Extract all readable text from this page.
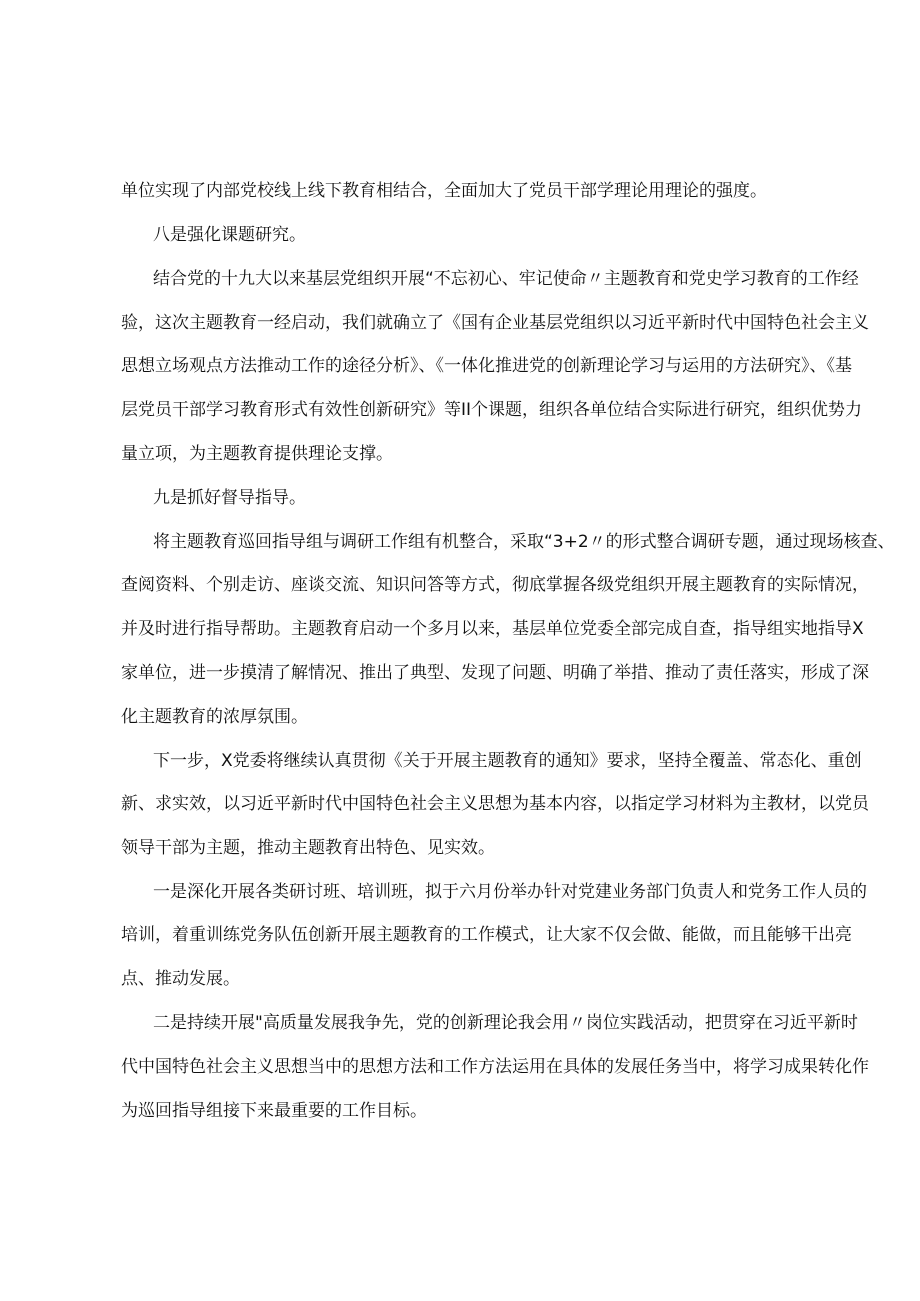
单位实现了内部党校线上线下教育相结合，全面加大了党员干部学理论用理论的强度。
八是强化课题研究。
结合党的十九大以来基层党组织开展“不忘初心、牢记使命〃主题教育和党史学习教育的工作经
验，这次主题教育一经启动，我们就确立了《国有企业基层党组织以习近平新时代中国特色社会主义
思想立场观点方法推动工作的途径分析》、《一体化推进党的创新理论学习与运用的方法研究》、《基
层党员干部学习教育形式有效性创新研究》等II个课题，组织各单位结合实际进行研究，组织优势力
量立项，为主题教育提供理论支撑。
九是抓好督导指导。
将主题教育巡回指导组与调研工作组有机整合，采取“3+2〃的形式整合调研专题，通过现场核查、
查阅资料、个别走访、座谈交流、知识问答等方式，彻底掌握各级党组织开展主题教育的实际情况，
并及时进行指导帮助。主题教育启动一个多月以来，基层单位党委全部完成自查，指导组实地指导X
家单位，进一步摸清了解情况、推出了典型、发现了问题、明确了举措、推动了责任落实，形成了深
化主题教育的浓厚氛围。
下一步，X党委将继续认真贯彻《关于开展主题教育的通知》要求，坚持全覆盖、常态化、重创
新、求实效，以习近平新时代中国特色社会主义思想为基本内容，以指定学习材料为主教材，以党员
领导干部为主题，推动主题教育出特色、见实效。
一是深化开展各类研讨班、培训班，拟于六月份举办针对党建业务部门负责人和党务工作人员的
培训，着重训练党务队伍创新开展主题教育的工作模式，让大家不仅会做、能做，而且能够干出亮
点、推动发展。
二是持续开展"高质量发展我争先，党的创新理论我会用〃岗位实践活动，把贯穿在习近平新时
代中国特色社会主义思想当中的思想方法和工作方法运用在具体的发展任务当中，将学习成果转化作
为巡回指导组接下来最重要的工作目标。
